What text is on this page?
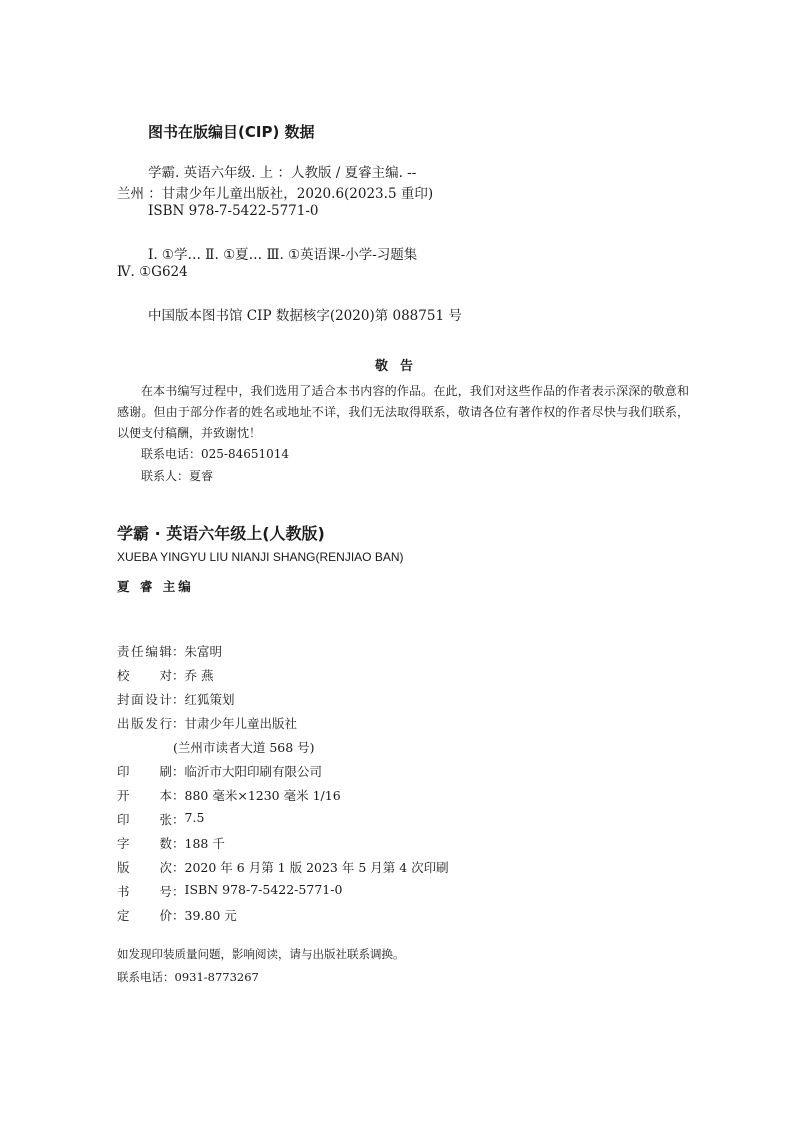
图书在版编目(CIP) 数据
学霸. 英语六年级. 上 ：人教版 / 夏睿主编. --
兰州 ：甘肃少年儿童出版社，2020.6(2023.5 重印)
ISBN 978-7-5422-5771-0
Ⅰ. ①学… Ⅱ. ①夏… Ⅲ. ①英语课-小学-习题集
Ⅳ. ①G624
中国版本图书馆 CIP 数据核字(2020)第 088751 号
敬告
在本书编写过程中，我们选用了适合本书内容的作品。在此，我们对这些作品的作者表示深深的敬意和感谢。但由于部分作者的姓名或地址不详，我们无法取得联系，敬请各位有著作权的作者尽快与我们联系，以便支付稿酬，并致谢忱！
联系电话：025-84651014
联系人：夏睿
学霸 · 英语六年级上(人教版)
XUEBA YINGYU LIU NIANJI SHANG(RENJIAO BAN)
夏 睿 主编
责任编辑 ： 朱富明
校对 ： 乔 燕
封面设计 ： 红狐策划
出版发行 ： 甘肃少年儿童出版社
(兰州市读者大道 568 号)
印刷 ： 临沂市大阳印刷有限公司
开本 ： 880 毫米×1230 毫米 1/16
印张 ： 7.5
字数 ： 188 千
版次 ： 2020 年 6 月第 1 版 2023 年 5 月第 4 次印刷
书号 ： ISBN 978-7-5422-5771-0
定价 ： 39.80 元
如发现印装质量问题，影响阅读，请与出版社联系调换。
联系电话：0931-8773267
